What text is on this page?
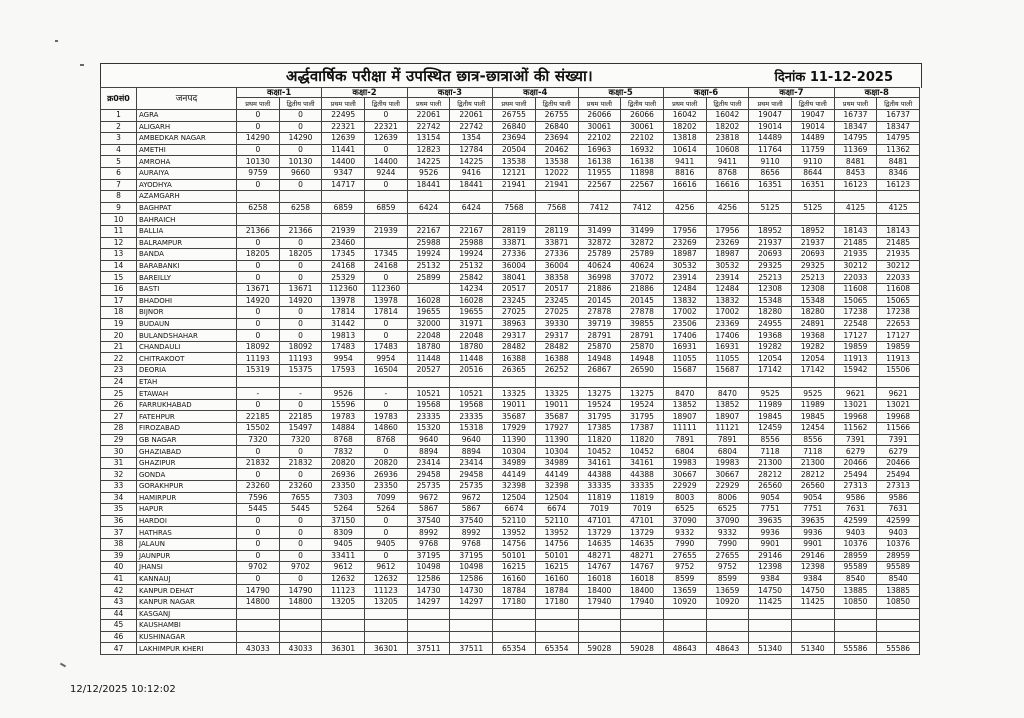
अर्द्धवार्षिक परीक्षा में उपस्थित छात्र-छात्राओं की संख्या।	दिनांक 11-12-2025
क्र0सं0	जनपद	कक्षा-1		कक्षा-2		कक्षा-3		कक्षा-4		कक्षा-5		कक्षा-6		कक्षा-7		कक्षा-8	
		प्रथम पाली	द्वितीय पाली	प्रथम पाली	द्वितीय पाली	प्रथम पाली	द्वितीय पाली	प्रथम पाली	द्वितीय पाली	प्रथम पाली	द्वितीय पाली	प्रथम पाली	द्वितीय पाली	प्रथम पाली	द्वितीय पाली	प्रथम पाली	द्वितीय पाली
1	AGRA	0	0	22495	0	22061	22061	26755	26755	26066	26066	16042	16042	19047	19047	16737	16737
2	ALIGARH	0	0	22321	22321	22742	22742	26840	26840	30061	30061	18202	18202	19014	19014	18347	18347
3	AMBEDKAR NAGAR	14290	14290	12639	12639	13154	1354	23694	23694	22102	22102	13818	23818	14489	14489	14795	14795
4	AMETHI	0	0	11441	0	12823	12784	20504	20462	16963	16932	10614	10608	11764	11759	11369	11362
5	AMROHA	10130	10130	14400	14400	14225	14225	13538	13538	16138	16138	9411	9411	9110	9110	8481	8481
6	AURAIYA	9759	9660	9347	9244	9526	9416	12121	12022	11955	11898	8816	8768	8656	8644	8453	8346
7	AYODHYA	0	0	14717	0	18441	18441	21941	21941	22567	22567	16616	16616	16351	16351	16123	16123
8	AZAMGARH																
9	BAGHPAT	6258	6258	6859	6859	6424	6424	7568	7568	7412	7412	4256	4256	5125	5125	4125	4125
10	BAHRAICH																
11	BALLIA	21366	21366	21939	21939	22167	22167	28119	28119	31499	31499	17956	17956	18952	18952	18143	18143
12	BALRAMPUR	0	0	23460		25988	25988	33871	33871	32872	32872	23269	23269	21937	21937	21485	21485
13	BANDA	18205	18205	17345	17345	19924	19924	27336	27336	25789	25789	18987	18987	20693	20693	21935	21935
14	BARABANKI	0	0	24168	24168	25132	25132	36004	36004	40624	40624	30532	30532	29325	29325	30212	30212
15	BAREILLY	0	0	25329	0	25899	25842	38041	38358	36998	37072	23914	23914	25213	25213	22033	22033
16	BASTI	13671	13671	112360	112360		14234	20517	20517	21886	21886	12484	12484	12308	12308	11608	11608
17	BHADOHI	14920	14920	13978	13978	16028	16028	23245	23245	20145	20145	13832	13832	15348	15348	15065	15065
18	BIJNOR	0	0	17814	17814	19655	19655	27025	27025	27878	27878	17002	17002	18280	18280	17238	17238
19	BUDAUN	0	0	31442	0	32000	31971	38963	39330	39719	39855	23506	23369	24955	24891	22548	22653
20	BULANDSHAHAR	0	0	19813	0	22048	22048	29317	29317	28791	28791	17406	17406	19368	19368	17127	17127
21	CHANDAULI	18092	18092	17483	17483	18780	18780	28482	28482	25870	25870	16931	16931	19282	19282	19859	19859
22	CHITRAKOOT	11193	11193	9954	9954	11448	11448	16388	16388	14948	14948	11055	11055	12054	12054	11913	11913
23	DEORIA	15319	15375	17593	16504	20527	20516	26365	26252	26867	26590	15687	15687	17142	17142	15942	15506
24	ETAH																
25	ETAWAH	-	-	9526	-	10521	10521	13325	13325	13275	13275	8470	8470	9525	9525	9621	9621
26	FARRUKHABAD	0	0	15596	0	19568	19568	19011	19011	19524	19524	13852	13852	11989	11989	13021	13021
27	FATEHPUR	22185	22185	19783	19783	23335	23335	35687	35687	31795	31795	18907	18907	19845	19845	19968	19968
28	FIROZABAD	15502	15497	14884	14860	15320	15318	17929	17927	17385	17387	11111	11121	12459	12454	11562	11566
29	GB NAGAR	7320	7320	8768	8768	9640	9640	11390	11390	11820	11820	7891	7891	8556	8556	7391	7391
30	GHAZIABAD	0	0	7832	0	8894	8894	10304	10304	10452	10452	6804	6804	7118	7118	6279	6279
31	GHAZIPUR	21832	21832	20820	20820	23414	23414	34989	34989	34161	34161	19983	19983	21300	21300	20466	20466
32	GONDA	0	0	26936	26936	29458	29458	44149	44149	44388	44388	30667	30667	28212	28212	25494	25494
33	GORAKHPUR	23260	23260	23350	23350	25735	25735	32398	32398	33335	33335	22929	22929	26560	26560	27313	27313
34	HAMIRPUR	7596	7655	7303	7099	9672	9672	12504	12504	11819	11819	8003	8006	9054	9054	9586	9586
35	HAPUR	5445	5445	5264	5264	5867	5867	6674	6674	7019	7019	6525	6525	7751	7751	7631	7631
36	HARDOI	0	0	37150	0	37540	37540	52110	52110	47101	47101	37090	37090	39635	39635	42599	42599
37	HATHRAS	0	0	8309	0	8992	8992	13952	13952	13729	13729	9332	9332	9936	9936	9403	9403
38	JALAUN	0	0	9405	9405	9768	9768	14756	14756	14635	14635	7990	7990	9901	9901	10376	10376
39	JAUNPUR	0	0	33411	0	37195	37195	50101	50101	48271	48271	27655	27655	29146	29146	28959	28959
40	JHANSI	9702	9702	9612	9612	10498	10498	16215	16215	14767	14767	9752	9752	12398	12398	95589	95589
41	KANNAUJ	0	0	12632	12632	12586	12586	16160	16160	16018	16018	8599	8599	9384	9384	8540	8540
42	KANPUR DEHAT	14790	14790	11123	11123	14730	14730	18784	18784	18400	18400	13659	13659	14750	14750	13885	13885
43	KANPUR NAGAR	14800	14800	13205	13205	14297	14297	17180	17180	17940	17940	10920	10920	11425	11425	10850	10850
44	KASGANJ																
45	KAUSHAMBI																
46	KUSHINAGAR																
47	LAKHIMPUR KHERI	43033	43033	36301	36301	37511	37511	65354	65354	59028	59028	48643	48643	51340	51340	55586	55586
12/12/2025 10:12:02
